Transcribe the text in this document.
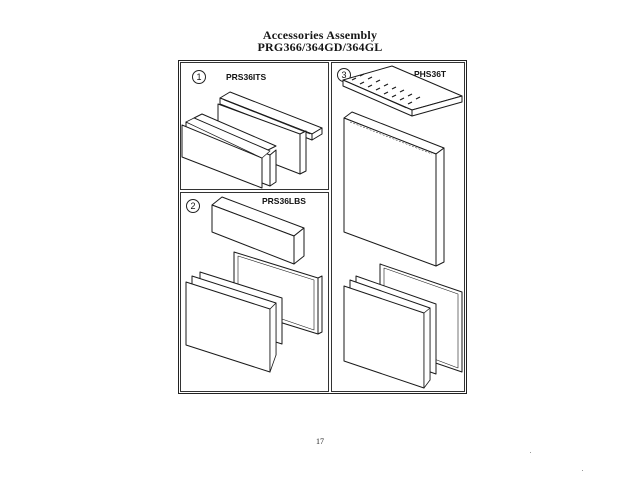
Accessories Assembly
PRG366/364GD/364GL
1	PRS36ITS
2	PRS36LBS
3	PHS36T
17
